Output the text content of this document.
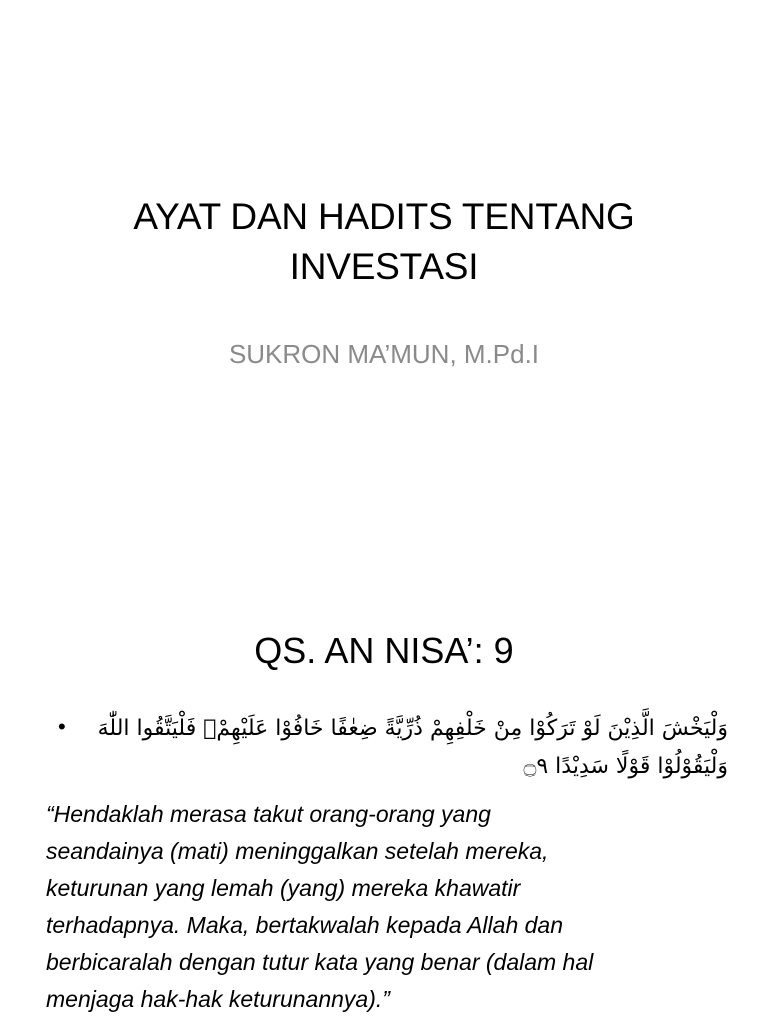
AYAT DAN HADITS TENTANG
INVESTASI
SUKRON MA’MUN, M.Pd.I
QS. AN NISA’: 9
•	وَلْيَخْشَ الَّذِيْنَ لَوْ تَرَكُوْا مِنْ خَلْفِهِمْ ذُرِّيَّةً ضِعٰفًا خَافُوْا عَلَيْهِمْۖ فَلْيَتَّقُوا اللّٰهَ
وَلْيَقُوْلُوْا قَوْلًا سَدِيْدًا ۝٩
“Hendaklah merasa takut orang-orang yang
seandainya (mati) meninggalkan setelah mereka,
keturunan yang lemah (yang) mereka khawatir
terhadapnya. Maka, bertakwalah kepada Allah dan
berbicaralah dengan tutur kata yang benar (dalam hal
menjaga hak-hak keturunannya).”
